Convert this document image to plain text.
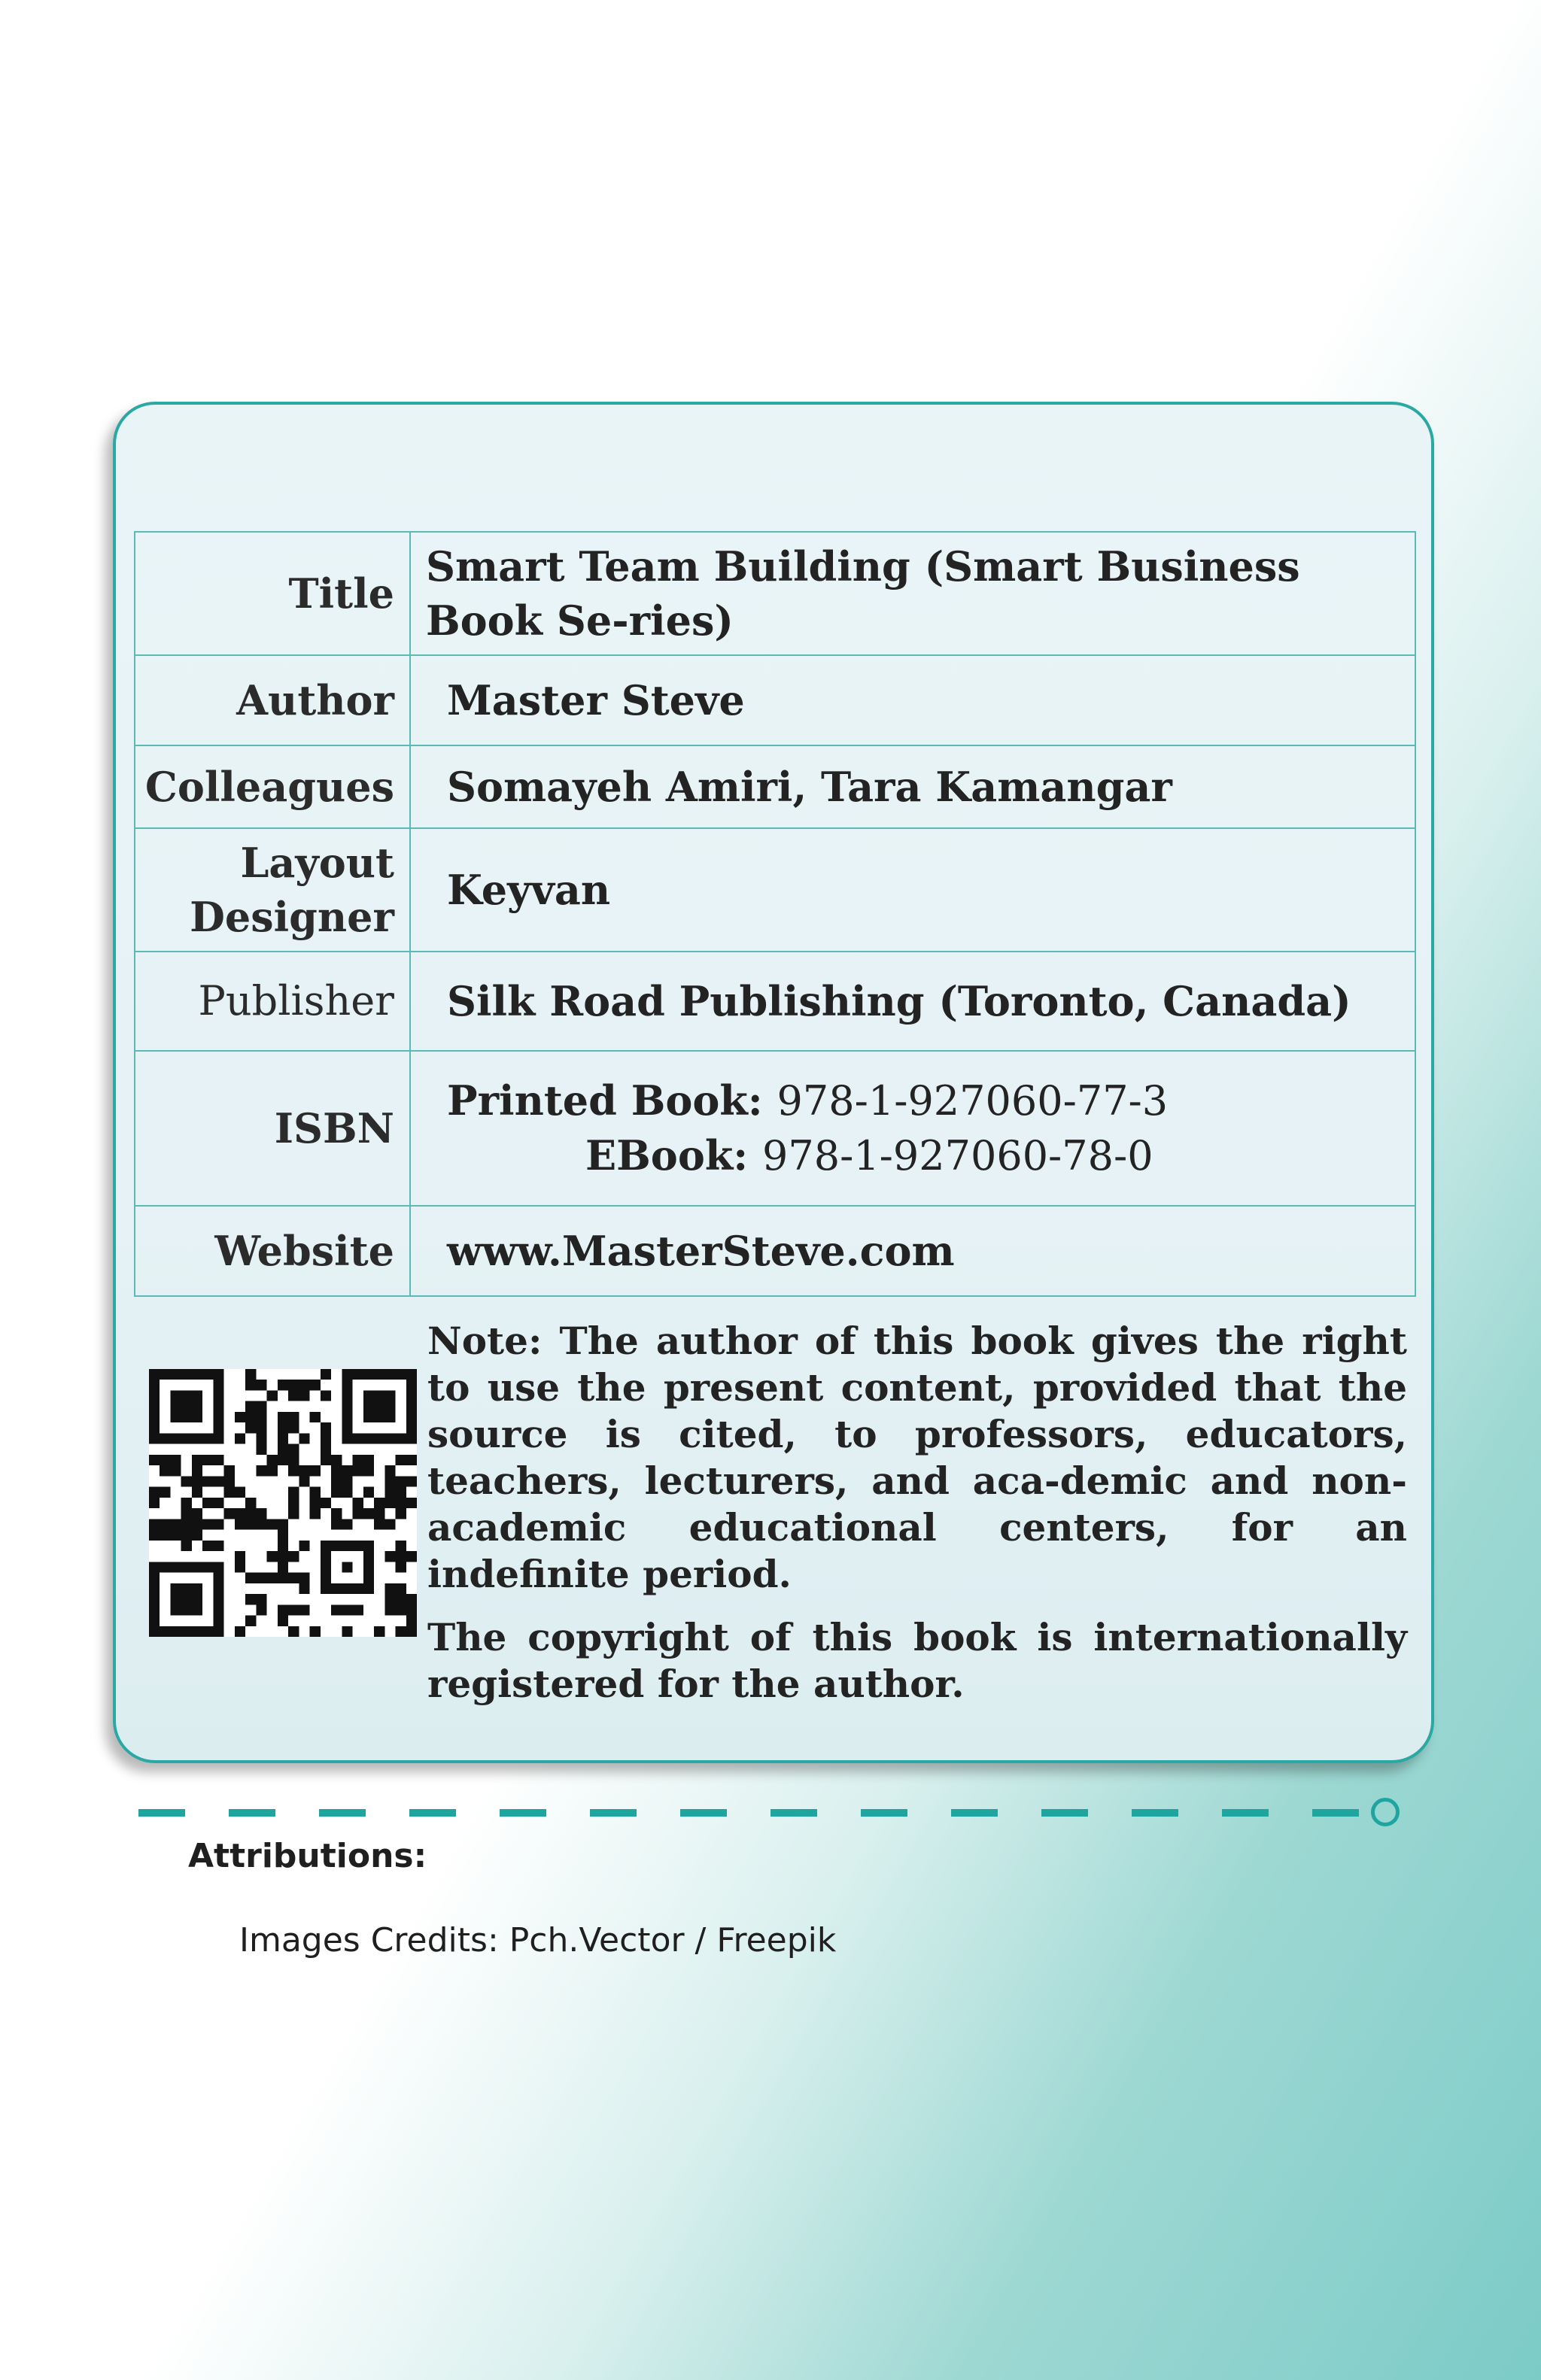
Title	Smart Team Building (Smart Business Book Se-ries)
Author	Master Steve
Colleagues	Somayeh Amiri, Tara Kamangar

Layout
Designer	Keyvan
Publisher	Silk Road Publishing (Toronto, Canada)
ISBN	Printed Book: 978-1-927060-77-3
EBook: 978-1-927060-78-0

Website	www.MasterSteve.com

Note: The author of this book gives the right to use the present content, provided that the source is cited, to professors, educators, teachers, lecturers, and aca-demic and non-academic educational centers, for an indefinite period.

The copyright of this book is internationally registered for the author.

Attributions:
Images Credits: Pch.Vector / Freepik
